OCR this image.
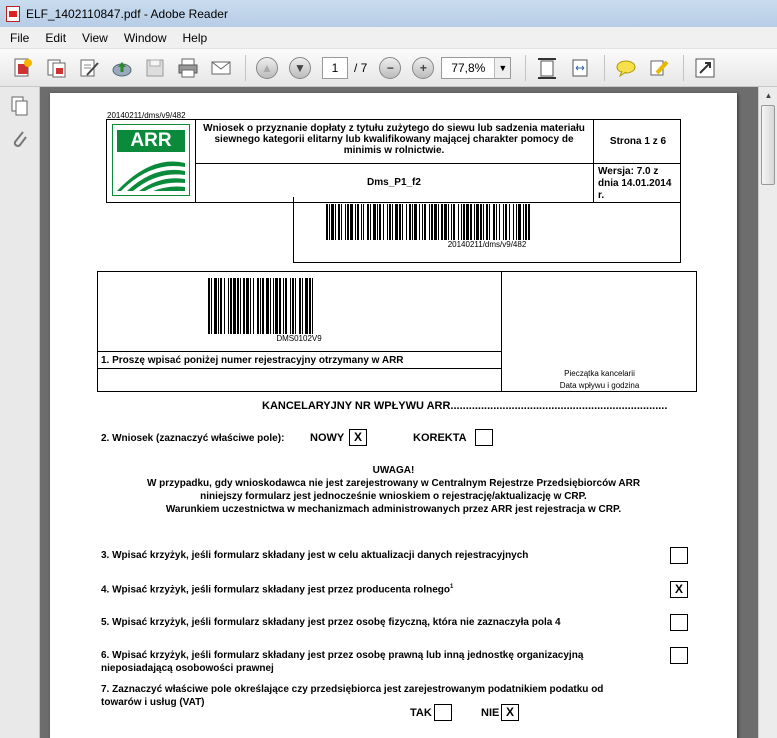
ELF_1402110847.pdf - Adobe Reader
File	Edit	View	Window	Help
▲	▼	1	/ 7	−	+	77,8%	▼
20140211/dms/v9/482
ARR
Wniosek o przyznanie dopłaty z tytułu zużytego do siewu lub sadzenia materiału siewnego kategorii elitarny lub kwalifikowany mającej charakter pomocy de minimis w rolnictwie.
Strona 1 z 6
Dms_P1_f2
Wersja: 7.0 z dnia 14.01.2014 r.
20140211/dms/v9/482
DMS0102V9
1. Proszę wpisać poniżej numer rejestracyjny otrzymany w ARR
Pieczątka kancelarii
Data wpływu i godzina
KANCELARYJNY NR WPŁYWU ARR.......................................................................
2. Wniosek (zaznaczyć właściwe pole): NOWY X	KOREKTA
UWAGA!
W przypadku, gdy wnioskodawca nie jest zarejestrowany w Centralnym Rejestrze Przedsiębiorców ARR
niniejszy formularz jest jednocześnie wnioskiem o rejestrację/aktualizację w CRP.
Warunkiem uczestnictwa w mechanizmach administrowanych przez ARR jest rejestracja w CRP.
3. Wpisać krzyżyk, jeśli formularz składany jest w celu aktualizacji danych rejestracyjnych
4. Wpisać krzyżyk, jeśli formularz składany jest przez producenta rolnego$^1$	X
5. Wpisać krzyżyk, jeśli formularz składany jest przez osobę fizyczną, która nie zaznaczyła pola 4
6. Wpisać krzyżyk, jeśli formularz składany jest przez osobę prawną lub inną jednostkę organizacyjną
nieposiadającą osobowości prawnej
7. Zaznaczyć właściwe pole określające czy przedsiębiorca jest zarejestrowanym podatnikiem podatku od
towarów i usług (VAT)
TAK	NIE X
▲
